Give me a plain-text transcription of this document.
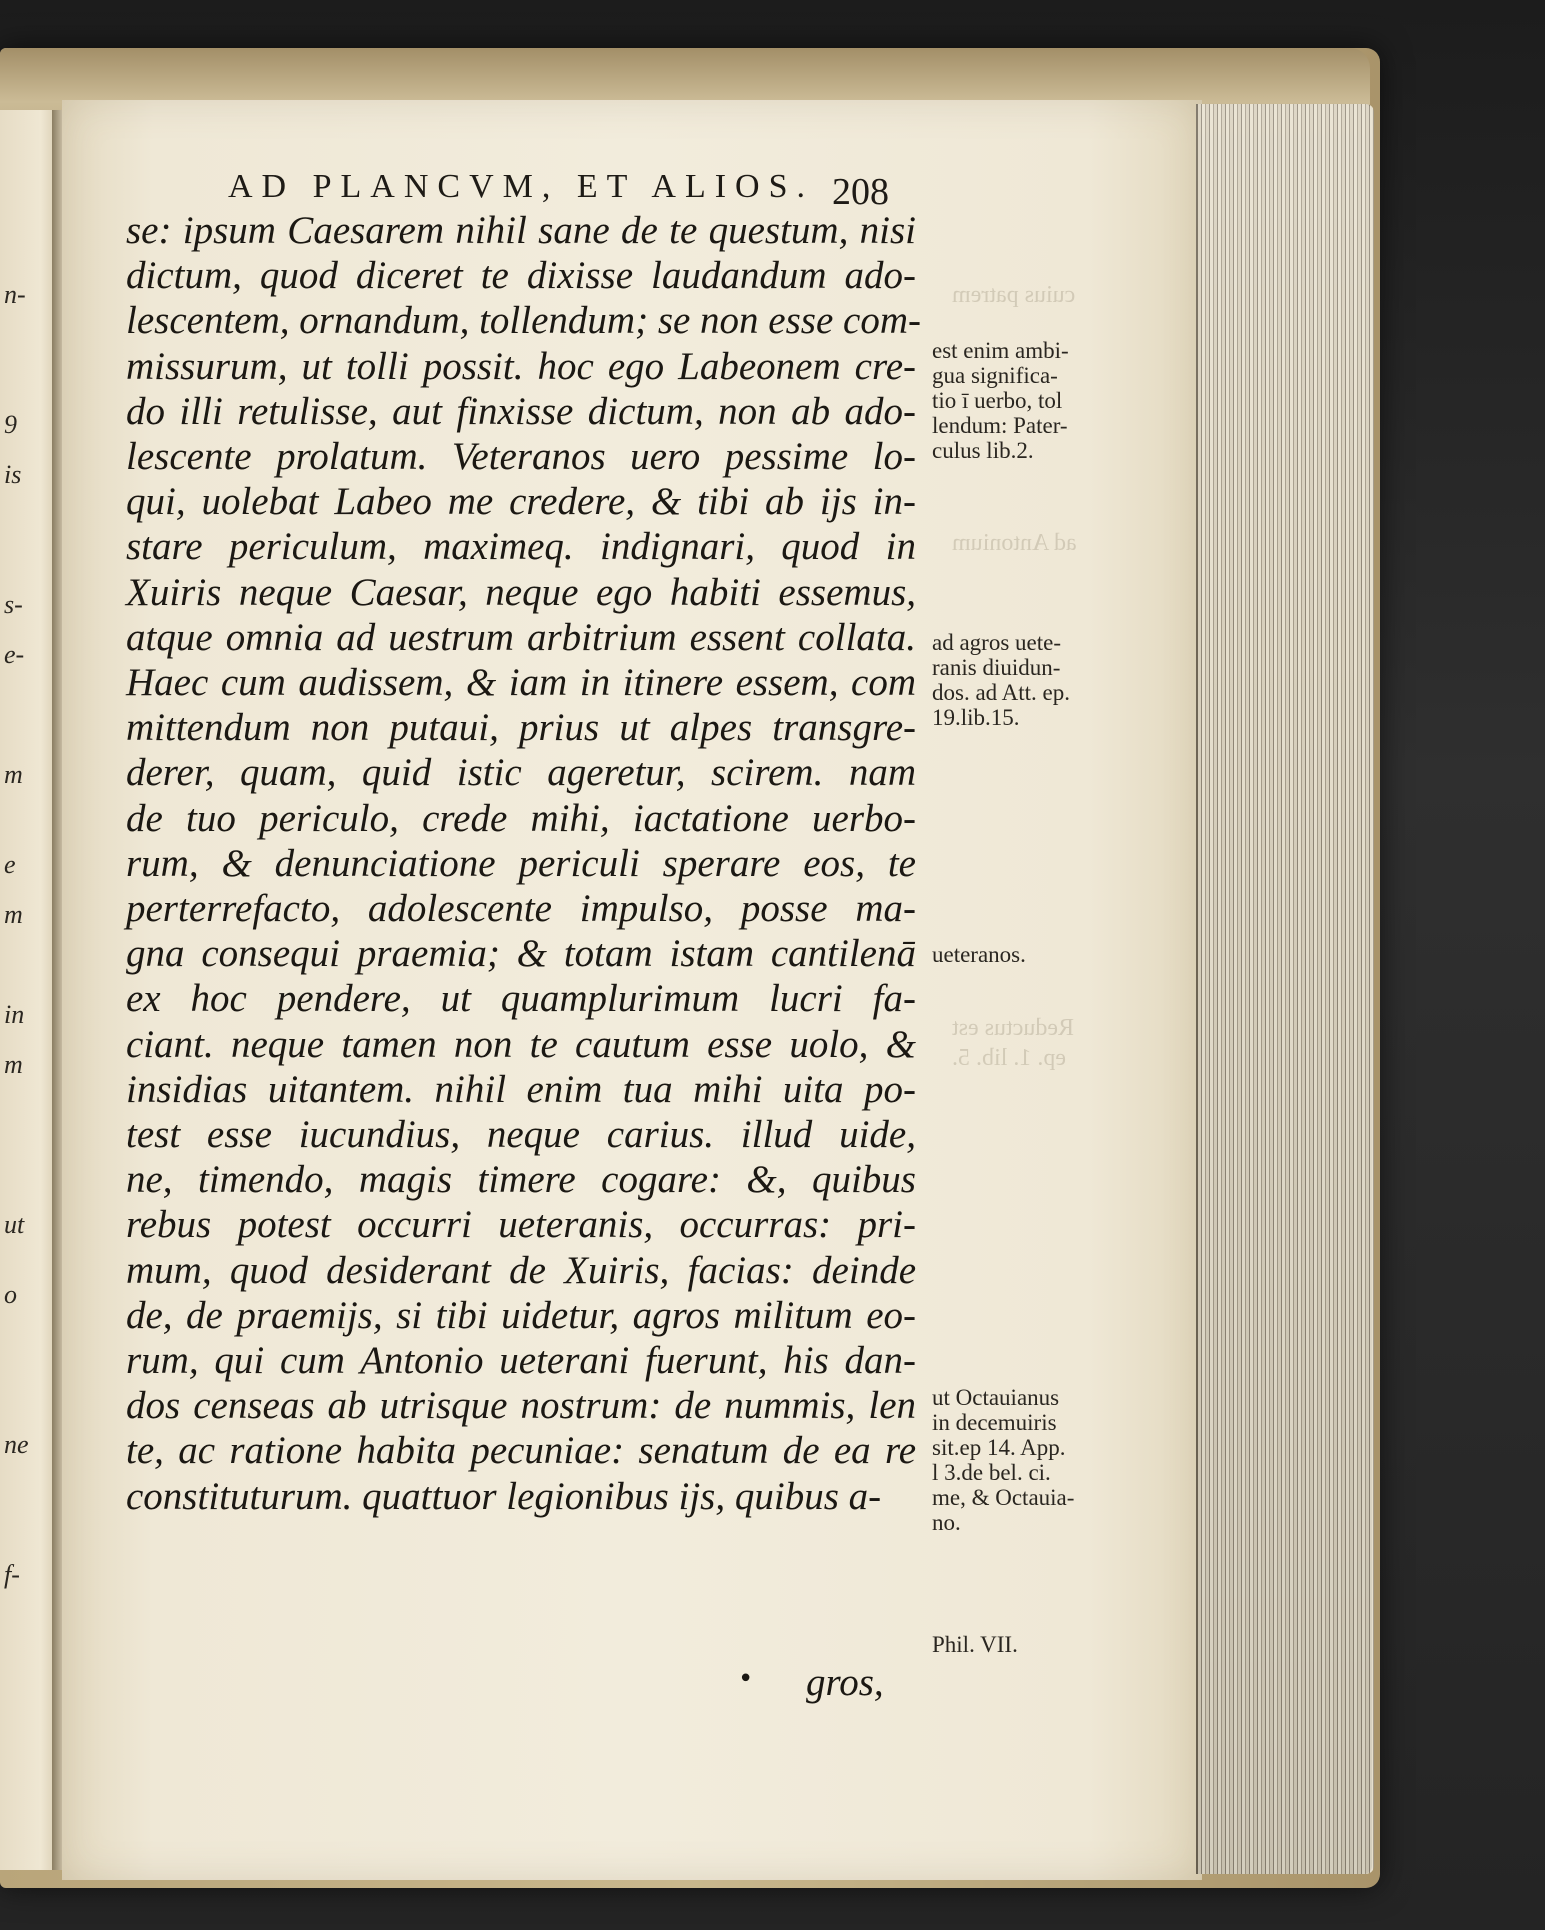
n-
9
is
s-
e-
m
e
m
in
m
ut
o
ne
f-
cuius patrem
ad Antonium
Reductus est
ep. 1. lib. 5.
AD PLANCVM, ET ALIOS. 208
se: ipsum Caesarem nihil sane de te questum, nisi
dictum, quod diceret te dixisse laudandum ado-
lescentem, ornandum, tollendum; se non esse com-
missurum, ut tolli possit. hoc ego Labeonem cre-
do illi retulisse, aut finxisse dictum, non ab ado-
lescente prolatum. Veteranos uero pessime lo-
qui, uolebat Labeo me credere, & tibi ab ijs in-
stare periculum, maximeq. indignari, quod in
Xuiris neque Caesar, neque ego habiti essemus,
atque omnia ad uestrum arbitrium essent collata.
Haec cum audissem, & iam in itinere essem, com
mittendum non putaui, prius ut alpes transgre-
derer, quam, quid istic ageretur, scirem. nam
de tuo periculo, crede mihi, iactatione uerbo-
rum, & denunciatione periculi sperare eos, te
perterrefacto, adolescente impulso, posse ma-
gna consequi praemia; & totam istam cantilenā
ex hoc pendere, ut quamplurimum lucri fa-
ciant. neque tamen non te cautum esse uolo, &
insidias uitantem. nihil enim tua mihi uita po-
test esse iucundius, neque carius. illud uide,
ne, timendo, magis timere cogare: &, quibus
rebus potest occurri ueteranis, occurras: pri-
mum, quod desiderant de Xuiris, facias: deinde
de, de praemijs, si tibi uidetur, agros militum eo-
rum, qui cum Antonio ueterani fuerunt, his dan-
dos censeas ab utrisque nostrum: de nummis, len
te, ac ratione habita pecuniae: senatum de ea re
constituturum. quattuor legionibus ijs, quibus a-
• gros,
est enim ambi-
gua significa-
tio ī uerbo, tol
lendum: Pater-
culus lib.2.
ad agros uete-
ranis diuidun-
dos. ad Att. ep.
19.lib.15.
ueteranos.
ut Octauianus
in decemuiris
sit.ep 14. App.
l 3.de bel. ci.
me, & Octauia-
no.
Phil. VII.
